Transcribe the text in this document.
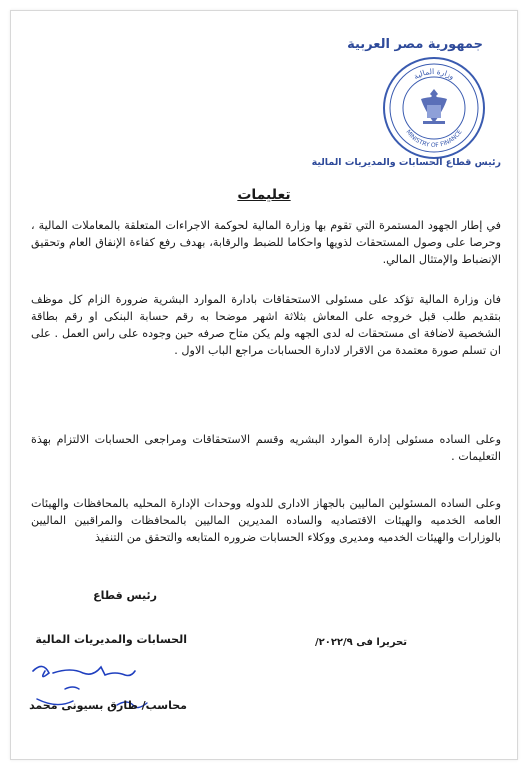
جمهورية مصر العربية
وزارة المالية
MINISTRY OF FINANCE
رئيس قطاع الحسابات والمديريات المالية
تعليمات
في إطار الجهود المستمرة التي تقوم بها وزارة المالية لحوكمة الاجراءات المتعلقة بالمعاملات المالية ، وحرصا على وصول المستحقات لذويها واحكاما للضبط والرقابة، بهدف رفع كفاءة الإنفاق العام وتحقيق الإنضباط والإمتثال المالي.
فان وزارة المالية تؤكد على مسئولى الاستحقاقات بادارة الموارد البشرية ضرورة الزام كل موظف بتقديم طلب قبل خروجه على المعاش بثلاثة اشهر موضحا به رقم حسابة البنكى او رقم بطاقة الشخصية لاضافة اى مستحقات له لدى الجهه ولم يكن متاح صرفه حين وجوده على راس العمل . على ان تسلم صورة معتمدة من الاقرار لادارة الحسابات مراجع الباب الاول .
وعلى الساده مسئولى إدارة الموارد البشريه وقسم الاستحقاقات ومراجعى الحسابات الالتزام بهذة التعليمات .
وعلى الساده المسئولين الماليين بالجهاز الادارى للدوله ووحدات الإدارة المحليه بالمحافظات والهيئات العامه الخدميه والهيئات الاقتصاديه والساده المديرين الماليين بالمحافظات والمراقبين الماليين بالوزارات والهيئات الخدميه ومديرى ووكلاء الحسابات ضروره المتابعه والتحقق من التنفيذ
رئيس قطاع
الحسابات والمديريات المالية	تحريرا فى ٢٠٢٢/٩/
محاسب/ طارق بسيونى محمد
